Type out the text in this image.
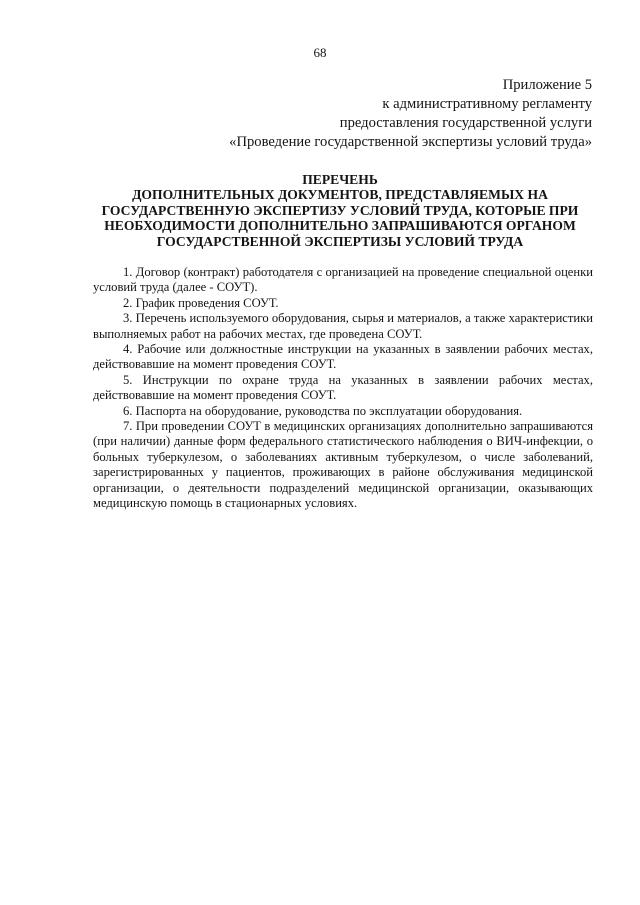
68
Приложение 5
к административному регламенту
предоставления государственной услуги
«Проведение государственной экспертизы условий труда»
ПЕРЕЧЕНЬ
ДОПОЛНИТЕЛЬНЫХ ДОКУМЕНТОВ, ПРЕДСТАВЛЯЕМЫХ НА
ГОСУДАРСТВЕННУЮ ЭКСПЕРТИЗУ УСЛОВИЙ ТРУДА, КОТОРЫЕ ПРИ
НЕОБХОДИМОСТИ ДОПОЛНИТЕЛЬНО ЗАПРАШИВАЮТСЯ ОРГАНОМ
ГОСУДАРСТВЕННОЙ ЭКСПЕРТИЗЫ УСЛОВИЙ ТРУДА

1. Договор (контракт) работодателя с организацией на проведение специальной оценки условий труда (далее - СОУТ).

2. График проведения СОУТ.

3. Перечень используемого оборудования, сырья и материалов, а также характеристики выполняемых работ на рабочих местах, где проведена СОУТ.

4. Рабочие или должностные инструкции на указанных в заявлении рабочих местах, действовавшие на момент проведения СОУТ.

5. Инструкции по охране труда на указанных в заявлении рабочих местах, действовавшие на момент проведения СОУТ.

6. Паспорта на оборудование, руководства по эксплуатации оборудования.

7. При проведении СОУТ в медицинских организациях дополнительно запрашиваются (при наличии) данные форм федерального статистического наблюдения о ВИЧ-инфекции, о больных туберкулезом, о заболеваниях активным туберкулезом, о числе заболеваний, зарегистрированных у пациентов, проживающих в районе обслуживания медицинской организации, о деятельности подразделений медицинской организации, оказывающих медицинскую помощь в стационарных условиях.
